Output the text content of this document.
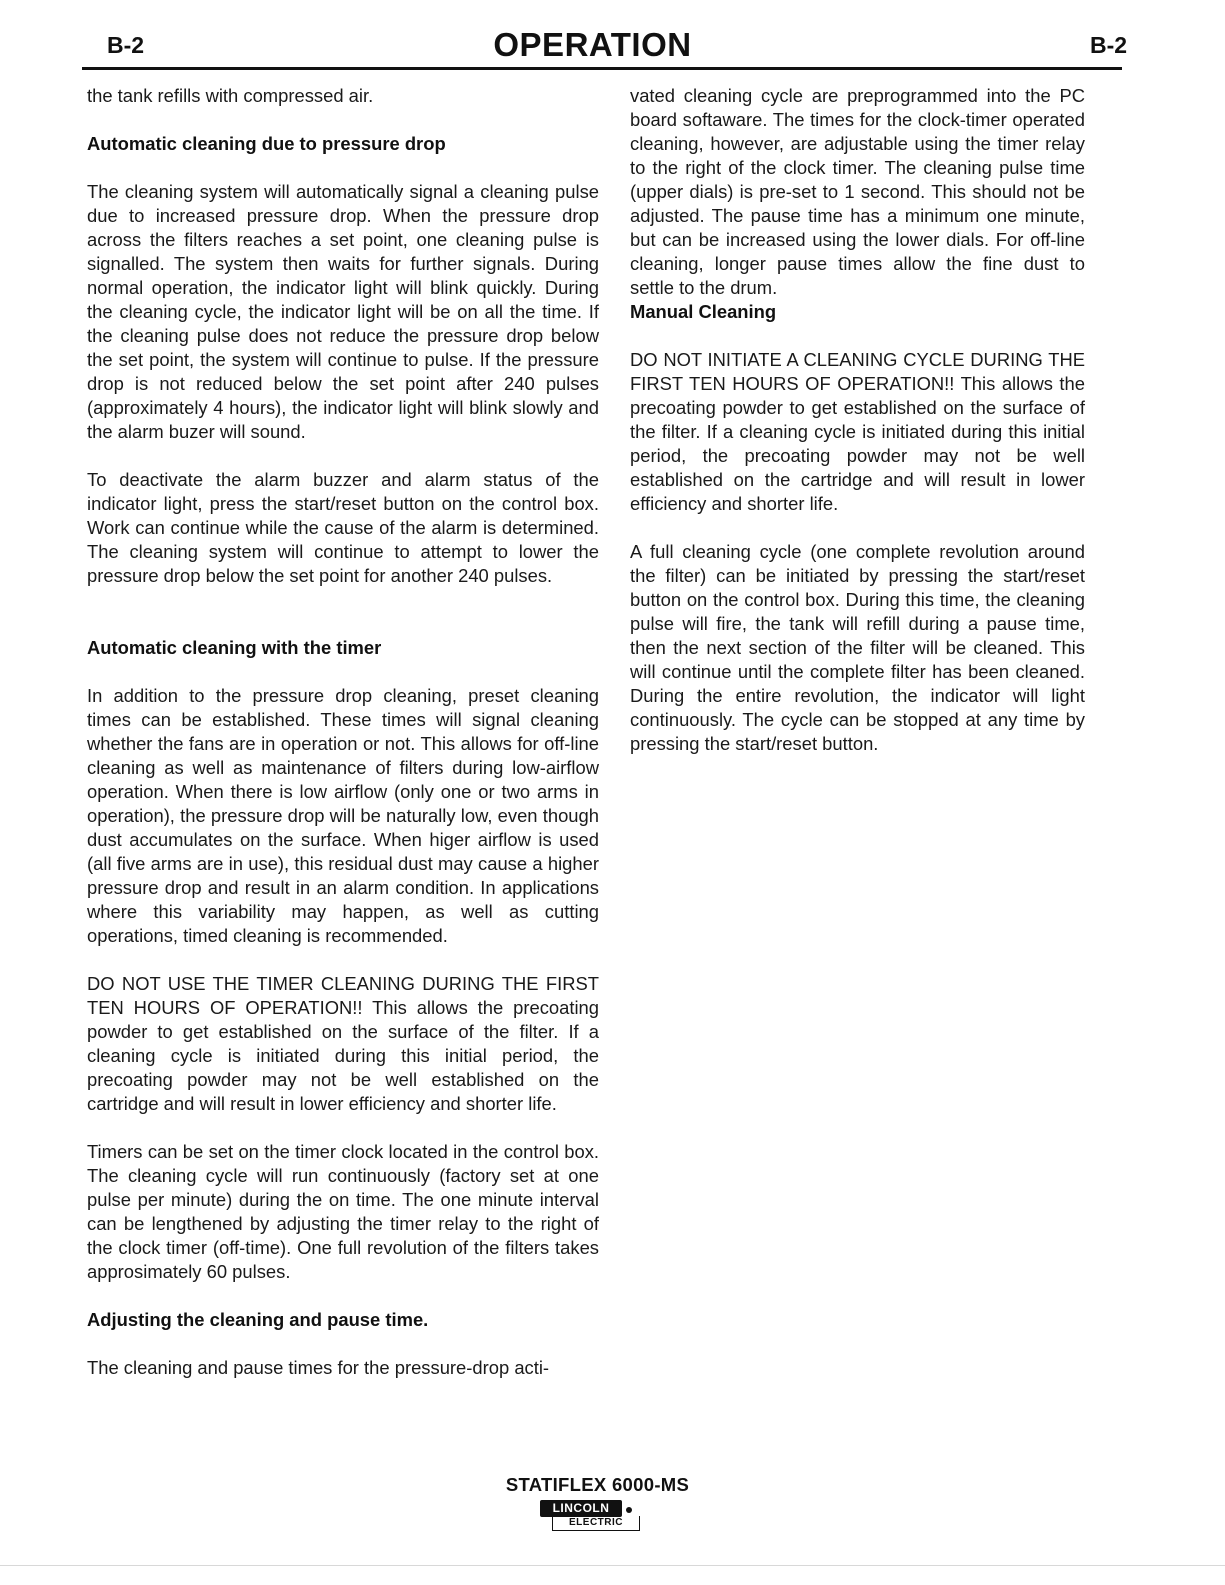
B-2	OPERATION	B-2

the tank refills with compressed air.

Automatic cleaning due to pressure drop

The cleaning system will automatically signal a cleaning pulse due to increased pressure drop. When the pressure drop across the filters reaches a set point, one cleaning pulse is signalled. The system then waits for further signals. During normal operation, the indicator light will blink quickly. During the cleaning cycle, the indicator light will be on all the time. If the cleaning pulse does not reduce the pressure drop below the set point, the system will continue to pulse. If the pressure drop is not reduced below the set point after 240 pulses (approximately 4 hours), the indicator light will blink slowly and the alarm buzer will sound.

To deactivate the alarm buzzer and alarm status of the indicator light, press the start/reset button on the control box. Work can continue while the cause of the alarm is determined. The cleaning system will continue to attempt to lower the pressure drop below the set point for another 240 pulses.

Automatic cleaning with the timer

In addition to the pressure drop cleaning, preset cleaning times can be established. These times will signal cleaning whether the fans are in operation or not. This allows for off-line cleaning as well as maintenance of filters during low-airflow operation. When there is low airflow (only one or two arms in operation), the pressure drop will be naturally low, even though dust accumulates on the surface. When higer airflow is used (all five arms are in use), this residual dust may cause a higher pressure drop and result in an alarm condition. In applications where this variability may happen, as well as cutting operations, timed cleaning is recommended.

DO NOT USE THE TIMER CLEANING DURING THE FIRST TEN HOURS OF OPERATION!! This allows the precoating powder to get established on the surface of the filter. If a cleaning cycle is initiated during this initial period, the precoating powder may not be well established on the cartridge and will result in lower efficiency and shorter life.

Timers can be set on the timer clock located in the control box. The cleaning cycle will run continuously (factory set at one pulse per minute) during the on time. The one minute interval can be lengthened by adjusting the timer relay to the right of the clock timer (off-time). One full revolution of the filters takes approsimately 60 pulses.

Adjusting the cleaning and pause time.

The cleaning and pause times for the pressure-drop acti-

vated cleaning cycle are preprogrammed into the PC board softaware. The times for the clock-timer operated cleaning, however, are adjustable using the timer relay to the right of the clock timer. The cleaning pulse time (upper dials) is pre-set to 1 second. This should not be adjusted. The pause time has a minimum one minute, but can be increased using the lower dials. For off-line cleaning, longer pause times allow the fine dust to settle to the drum.

Manual Cleaning

DO NOT INITIATE A CLEANING CYCLE DURING THE FIRST TEN HOURS OF OPERATION!! This allows the precoating powder to get established on the surface of the filter. If a cleaning cycle is initiated during this initial period, the precoating powder may not be well established on the cartridge and will result in lower efficiency and shorter life.

A full cleaning cycle (one complete revolution around the filter) can be initiated by pressing the start/reset button on the control box. During this time, the cleaning pulse will fire, the tank will refill during a pause time, then the next section of the filter will be cleaned. This will continue until the complete filter has been cleaned. During the entire revolution, the indicator will light continuously. The cycle can be stopped at any time by pressing the start/reset button.

STATIFLEX 6000-MS
LINCOLN
ELECTRIC
